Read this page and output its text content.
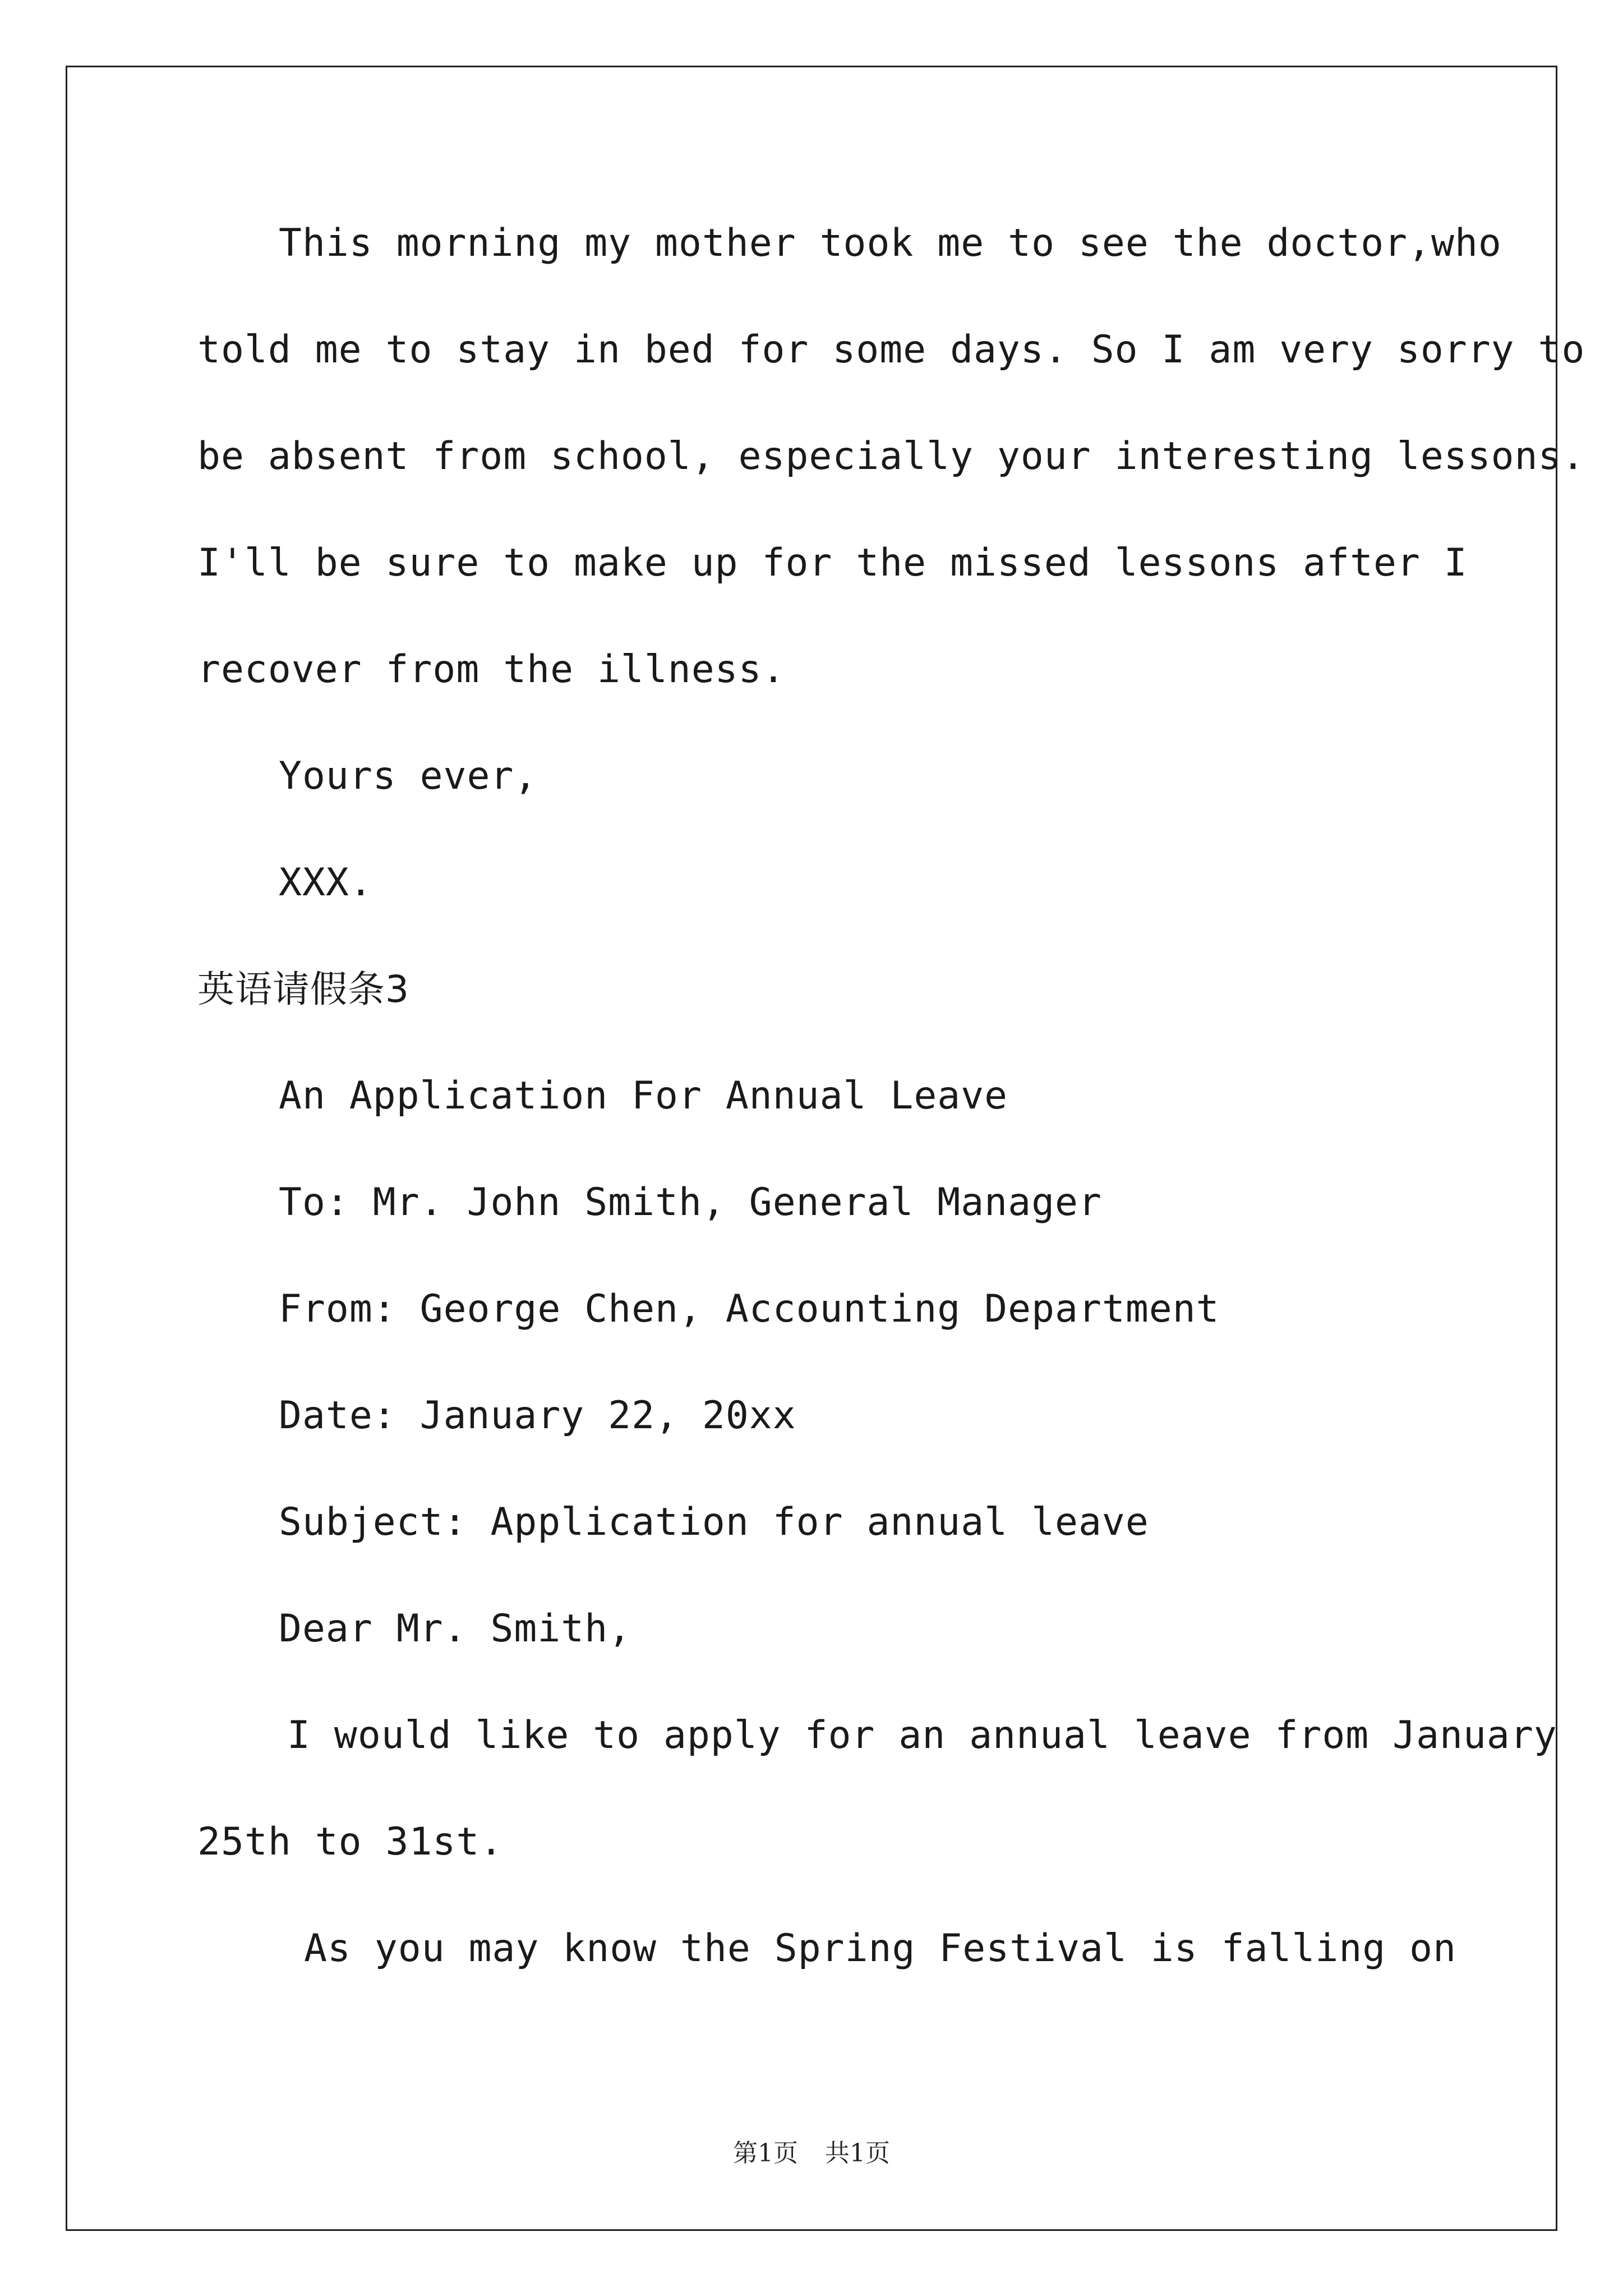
This morning my mother took me to see the doctor,who
told me to stay in bed for some days. So I am very sorry to
be absent from school, especially your interesting lessons.
I'll be sure to make up for the missed lessons after I
recover from the illness.
Yours ever,
XXX.
英语请假条3
An Application For Annual Leave
To: Mr. John Smith, General Manager
From: George Chen, Accounting Department
Date: January 22, 20xx
Subject: Application for annual leave
Dear Mr. Smith,
I would like to apply for an annual leave from January
25th to 31st.
As you may know the Spring Festival is falling on
第1页 共1页
